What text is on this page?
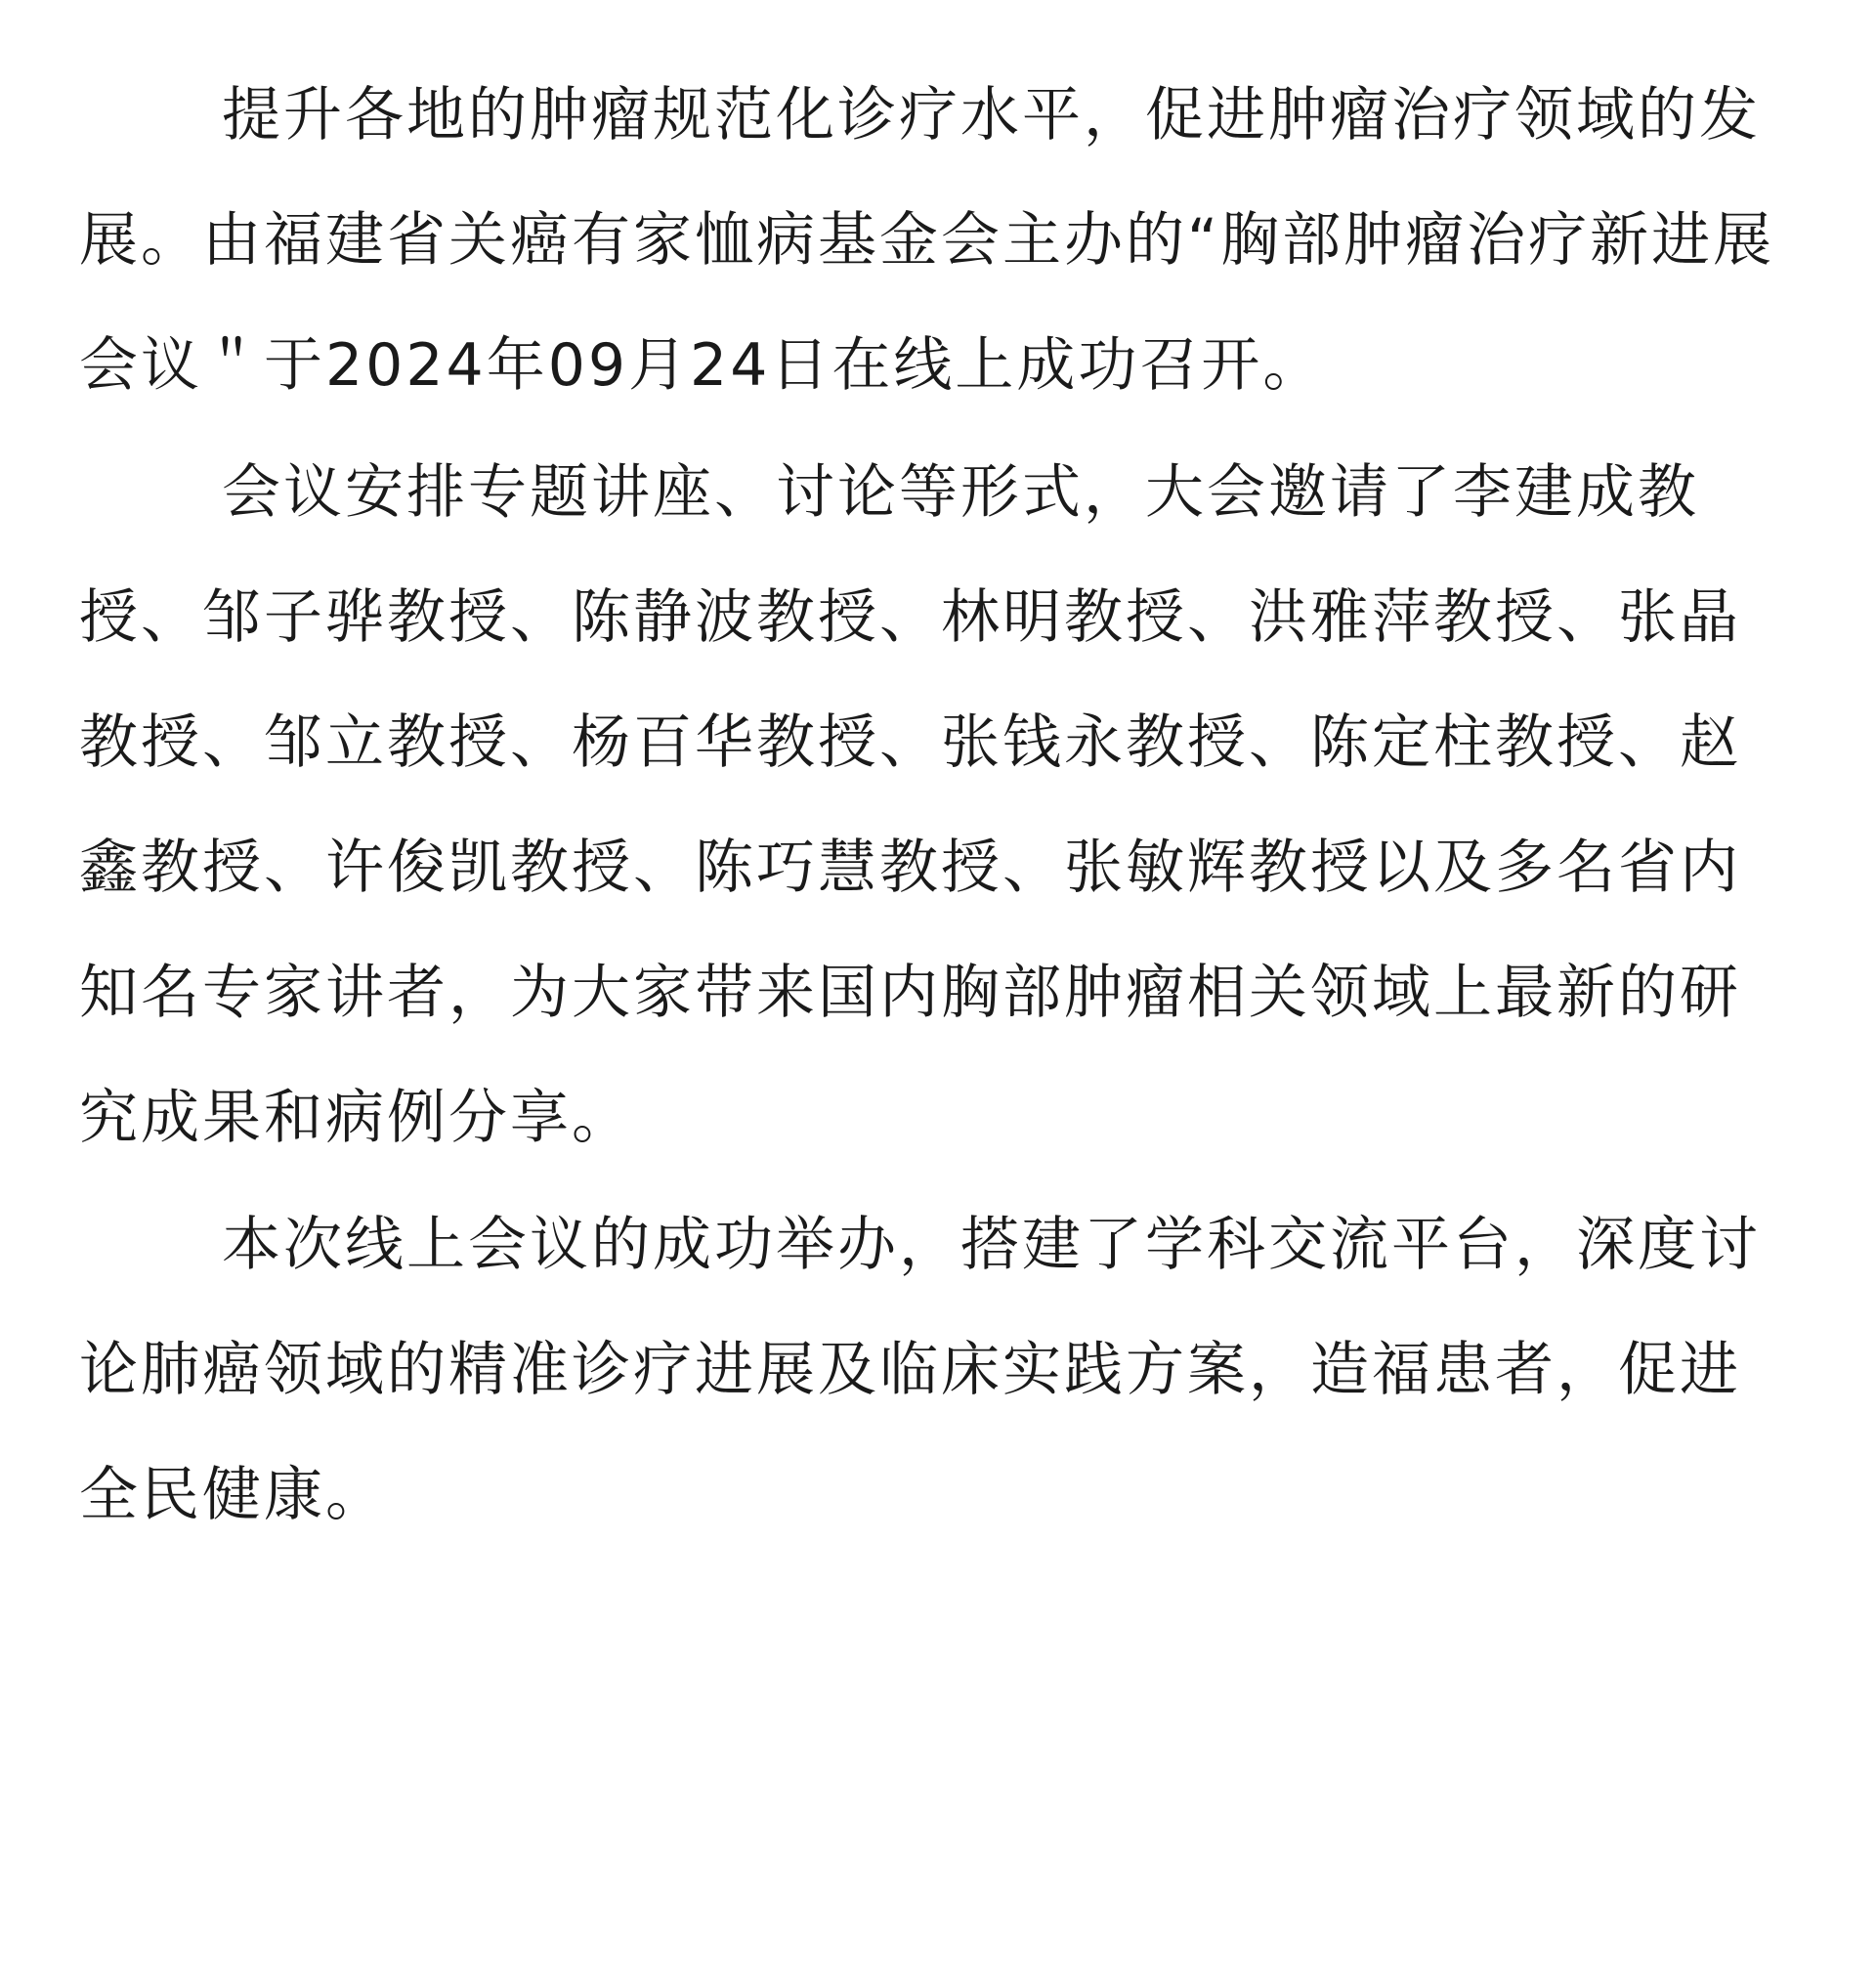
提升各地的肿瘤规范化诊疗水平，促进肿瘤治疗领域的发展。由福建省关癌有家恤病基金会主办的“胸部肿瘤治疗新进展会议＂于2024年09月24日在线上成功召开。

会议安排专题讲座、讨论等形式，大会邀请了李建成教授、邹子骅教授、陈静波教授、林明教授、洪雅萍教授、张晶教授、邹立教授、杨百华教授、张钱永教授、陈定柱教授、赵鑫教授、许俊凯教授、陈巧慧教授、张敏辉教授以及多名省内知名专家讲者，为大家带来国内胸部肿瘤相关领域上最新的研究成果和病例分享。

本次线上会议的成功举办，搭建了学科交流平台，深度讨论肺癌领域的精准诊疗进展及临床实践方案，造福患者，促进全民健康。
